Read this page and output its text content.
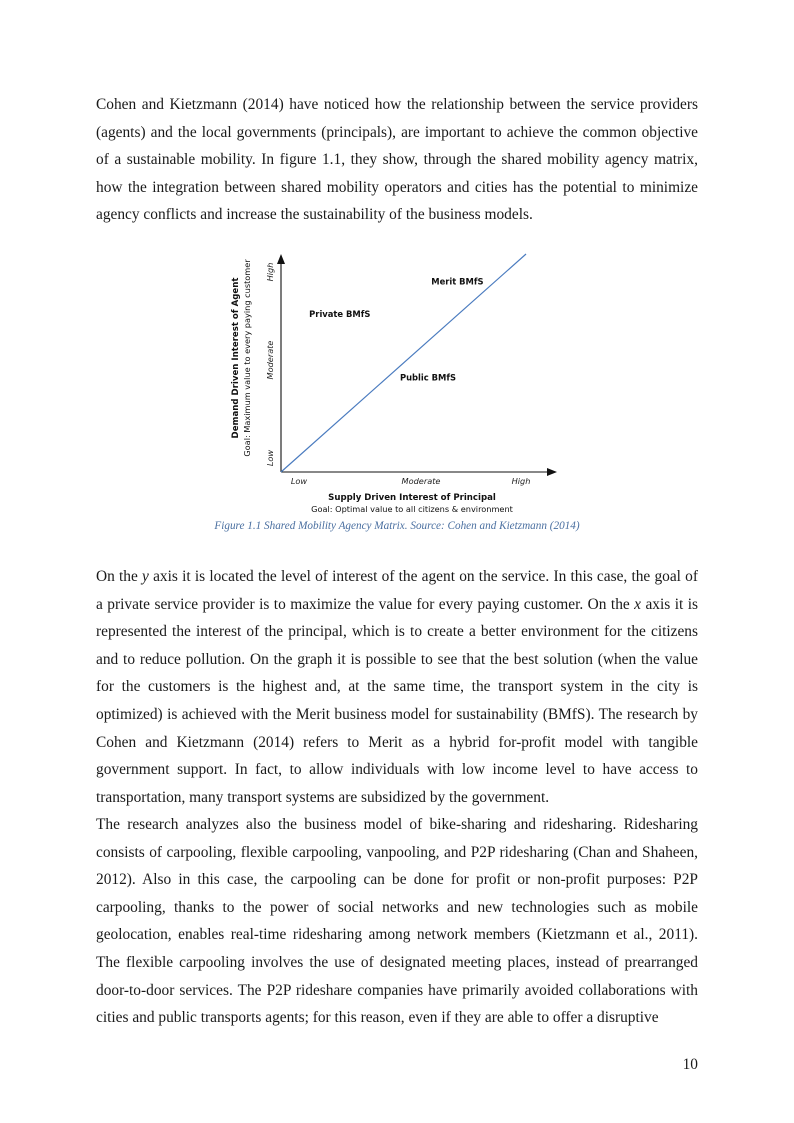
Cohen and Kietzmann (2014) have noticed how the relationship between the service providers (agents) and the local governments (principals), are important to achieve the common objective of a sustainable mobility. In figure 1.1, they show, through the shared mobility agency matrix, how the integration between shared mobility operators and cities has the potential to minimize agency conflicts and increase the sustainability of the business models.

Low	Moderate	High
Low
Moderate
High
Supply Driven Interest of Principal
Goal: Optimal value to all citizens & environment
Demand Driven Interest of Agent Goal: Maximum value to every paying customer	Merit BMfS
Private BMfS
Public BMfS
Figure 1.1 Shared Mobility Agency Matrix. Source: Cohen and Kietzmann (2014)

On the y axis it is located the level of interest of the agent on the service. In this case, the goal of a private service provider is to maximize the value for every paying customer. On the x axis it is represented the interest of the principal, which is to create a better environment for the citizens and to reduce pollution. On the graph it is possible to see that the best solution (when the value for the customers is the highest and, at the same time, the transport system in the city is optimized) is achieved with the Merit business model for sustainability (BMfS). The research by Cohen and Kietzmann (2014) refers to Merit as a hybrid for-profit model with tangible government support. In fact, to allow individuals with low income level to have access to transportation, many transport systems are subsidized by the government.

The research analyzes also the business model of bike-sharing and ridesharing. Ridesharing consists of carpooling, flexible carpooling, vanpooling, and P2P ridesharing (Chan and Shaheen, 2012). Also in this case, the carpooling can be done for profit or non-profit purposes: P2P carpooling, thanks to the power of social networks and new technologies such as mobile geolocation, enables real-time ridesharing among network members (Kietzmann et al., 2011). The flexible carpooling involves the use of designated meeting places, instead of prearranged door-to-door services. The P2P rideshare companies have primarily avoided collaborations with cities and public transports agents; for this reason, even if they are able to offer a disruptive

10
